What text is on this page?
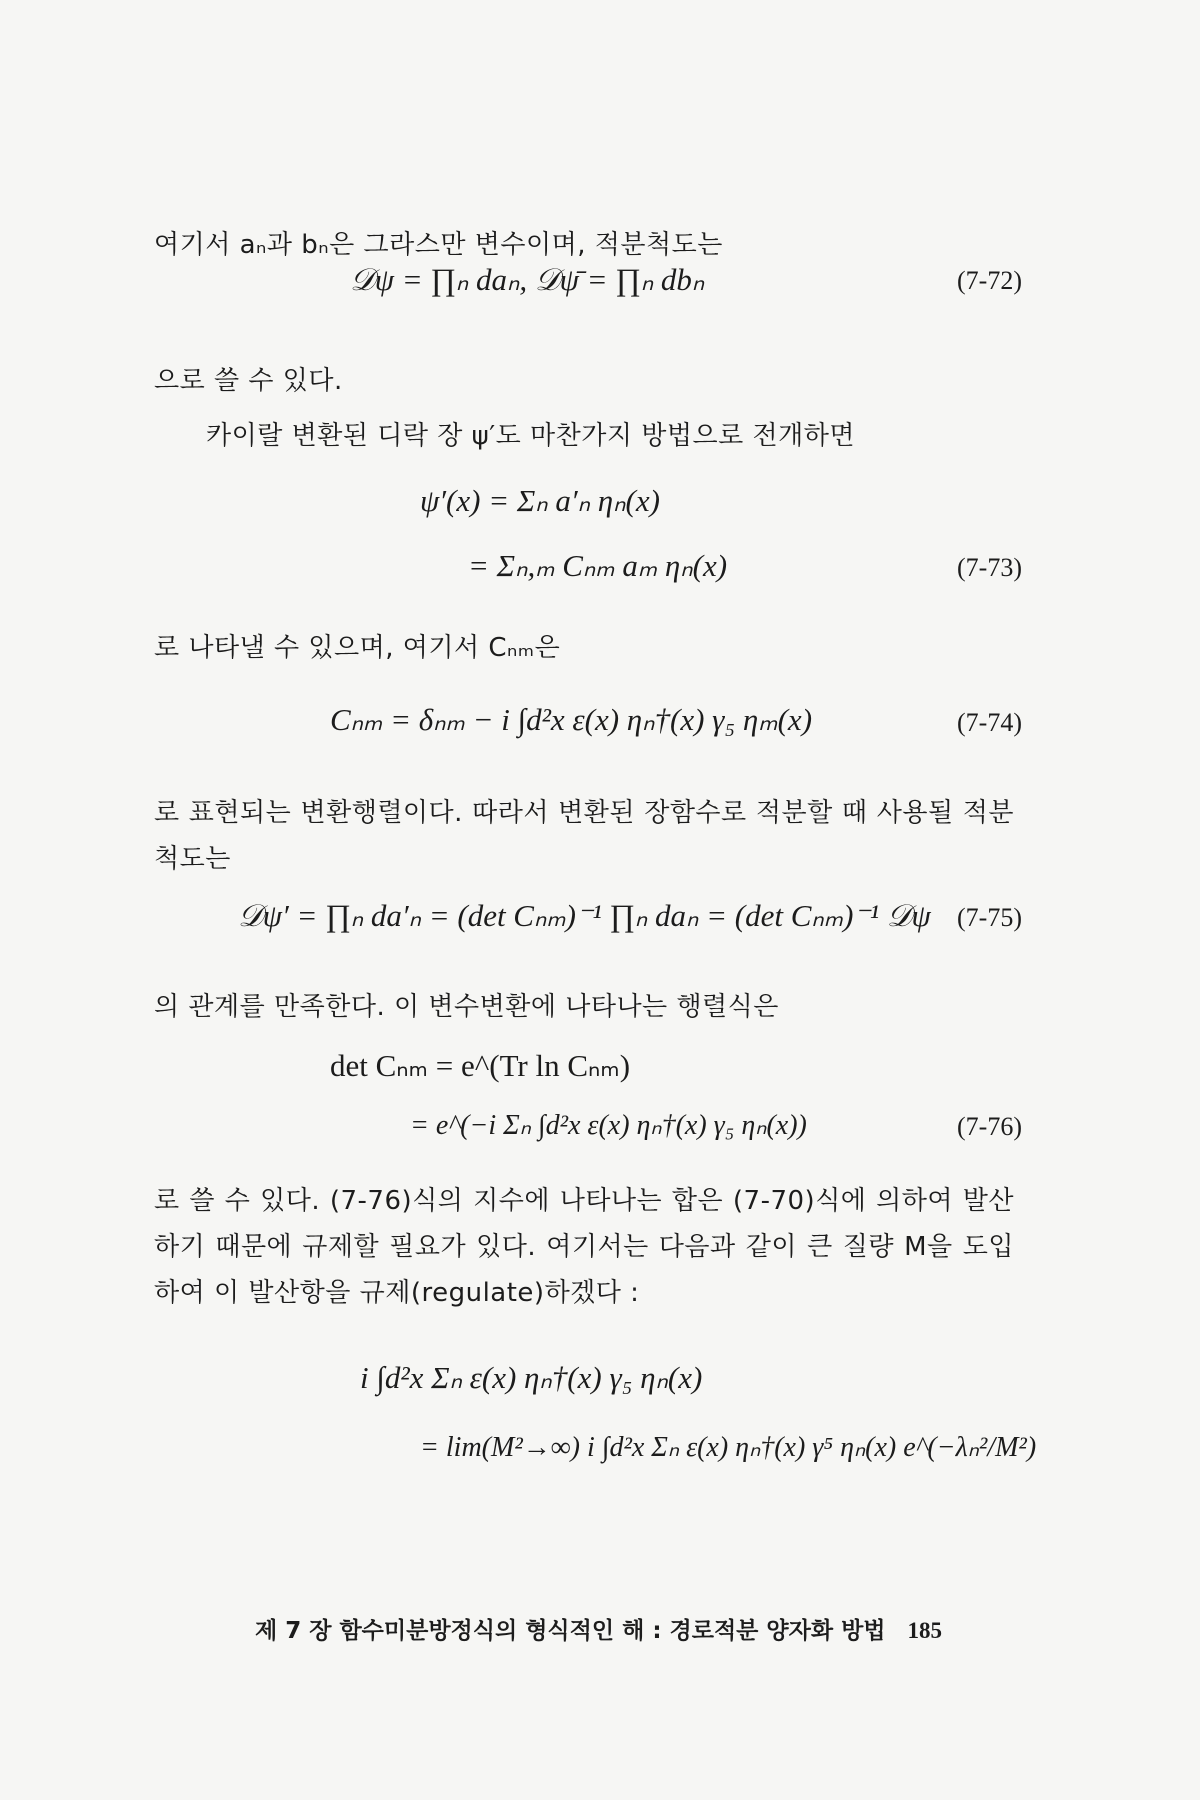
여기서 aₙ과 bₙ은 그라스만 변수이며, 적분척도는

𝒟ψ = ∏ₙ daₙ, 𝒟ψ̄ = ∏ₙ dbₙ	(7-72)

으로 쓸 수 있다.

카이랄 변환된 디락 장 ψ′도 마찬가지 방법으로 전개하면

ψ′(x) = Σₙ a′ₙ ηₙ(x)
= Σₙ,ₘ Cₙₘ aₘ ηₙ(x)	(7-73)

로 나타낼 수 있으며, 여기서 Cₙₘ은

Cₙₘ = δₙₘ − i ∫d²x ε(x) ηₙ†(x) γ₅ ηₘ(x)	(7-74)

로 표현되는 변환행렬이다. 따라서 변환된 장함수로 적분할 때 사용될 적분척도는

𝒟ψ′ = ∏ₙ da′ₙ = (det Cₙₘ)⁻¹ ∏ₙ daₙ = (det Cₙₘ)⁻¹ 𝒟ψ (7-75)

의 관계를 만족한다. 이 변수변환에 나타나는 행렬식은

det Cₙₘ = e^(Tr ln Cₙₘ)
= e^(−i Σₙ ∫d²x ε(x) ηₙ†(x) γ₅ ηₙ(x))	(7-76)

로 쓸 수 있다. (7-76)식의 지수에 나타나는 합은 (7-70)식에 의하여 발산하기 때문에 규제할 필요가 있다. 여기서는 다음과 같이 큰 질량 M을 도입하여 이 발산항을 규제(regulate)하겠다 :

i ∫d²x Σₙ ε(x) ηₙ†(x) γ₅ ηₙ(x)
= lim(M²→∞) i ∫d²x Σₙ ε(x) ηₙ†(x) γ⁵ ηₙ(x) e^(−λₙ²/M²)
제 7 장 함수미분방정식의 형식적인 해 : 경로적분 양자화 방법 185
